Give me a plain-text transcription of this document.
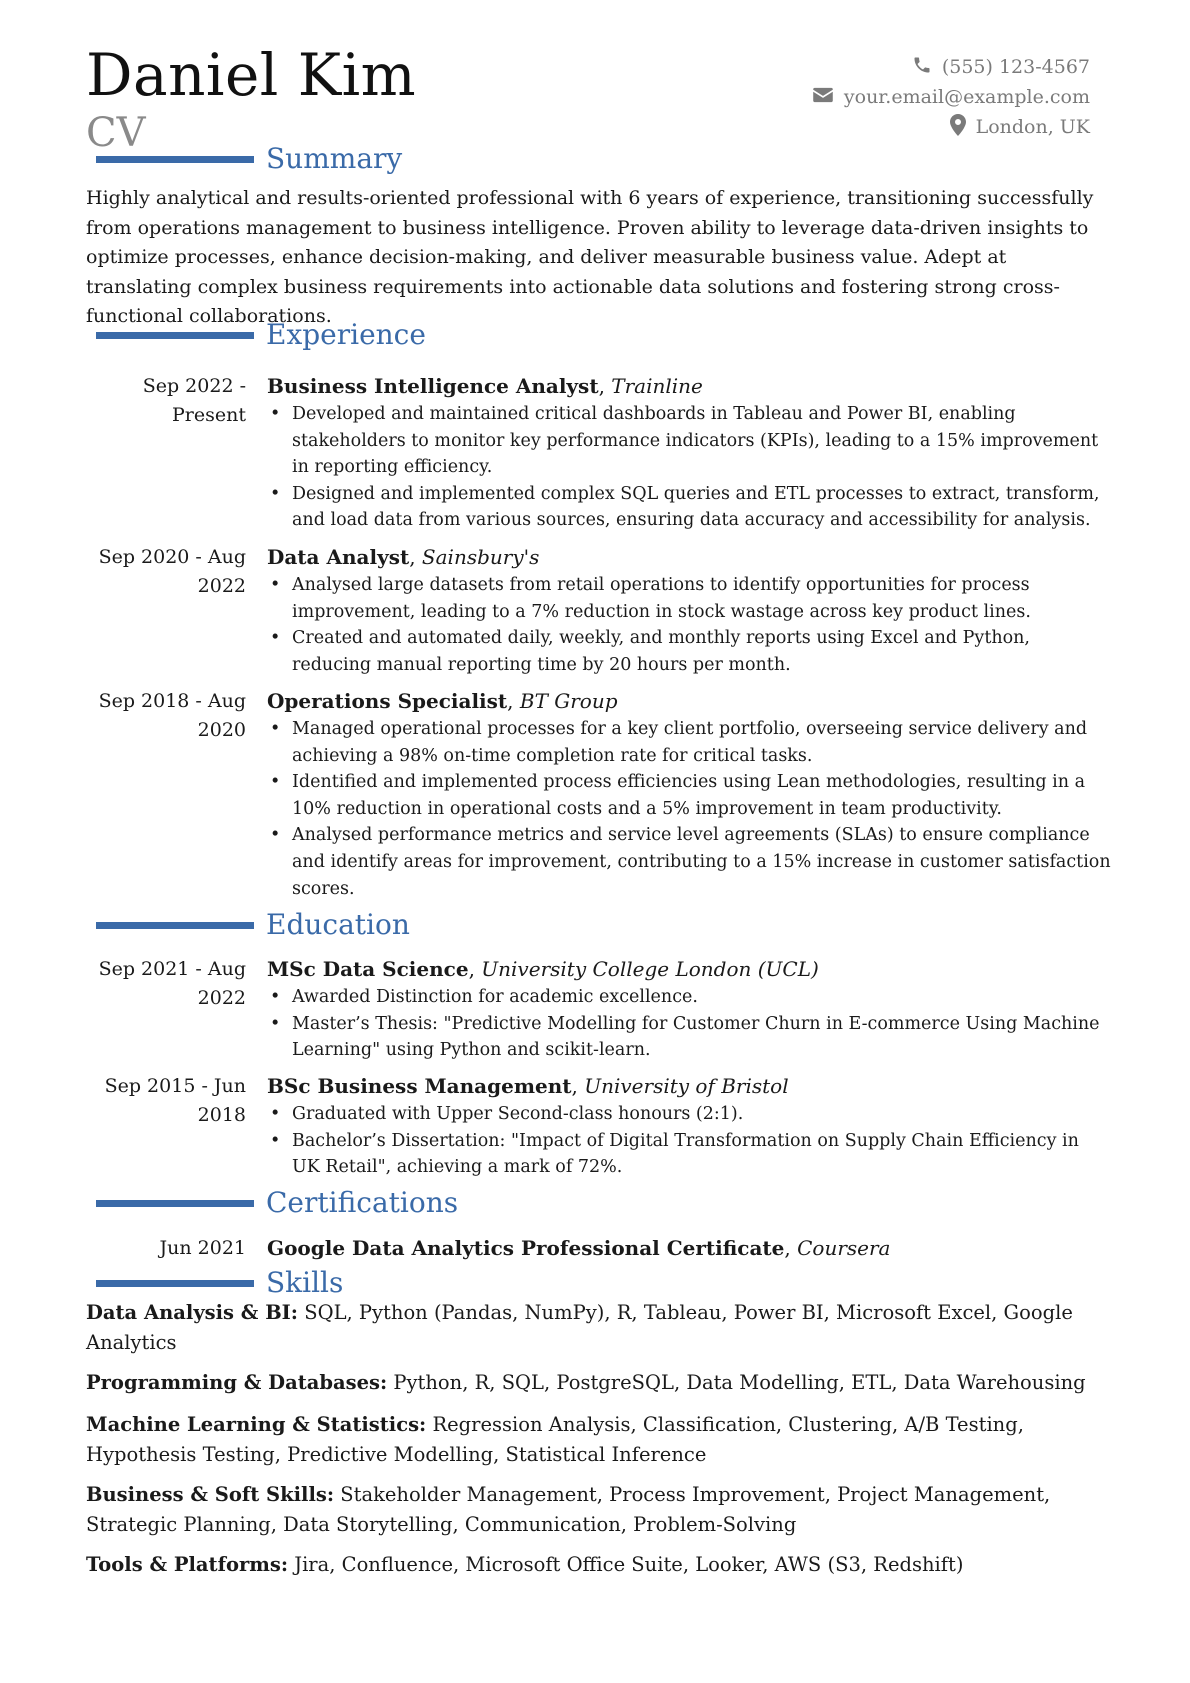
Daniel Kim
CV
(555) 123-4567
your.email@example.com
London, UK
Summary
Highly analytical and results-oriented professional with 6 years of experience, transitioning successfully from operations management to business intelligence. Proven ability to leverage data-driven insights to optimize processes, enhance decision-making, and deliver measurable business value. Adept at translating complex business requirements into actionable data solutions and fostering strong cross-functional collaborations.
Experience
Sep 2022 - Present
Business Intelligence Analyst, Trainline
• Developed and maintained critical dashboards in Tableau and Power BI, enabling stakeholders to monitor key performance indicators (KPIs), leading to a 15% improvement in reporting efficiency.
• Designed and implemented complex SQL queries and ETL processes to extract, transform, and load data from various sources, ensuring data accuracy and accessibility for analysis.
Sep 2020 - Aug 2022
Data Analyst, Sainsbury's
• Analysed large datasets from retail operations to identify opportunities for process improvement, leading to a 7% reduction in stock wastage across key product lines.
• Created and automated daily, weekly, and monthly reports using Excel and Python, reducing manual reporting time by 20 hours per month.
Sep 2018 - Aug 2020
Operations Specialist, BT Group
• Managed operational processes for a key client portfolio, overseeing service delivery and achieving a 98% on-time completion rate for critical tasks.
• Identified and implemented process efficiencies using Lean methodologies, resulting in a 10% reduction in operational costs and a 5% improvement in team productivity.
• Analysed performance metrics and service level agreements (SLAs) to ensure compliance and identify areas for improvement, contributing to a 15% increase in customer satisfaction scores.
Education
Sep 2021 - Aug 2022
MSc Data Science, University College London (UCL)
• Awarded Distinction for academic excellence.
• Master’s Thesis: "Predictive Modelling for Customer Churn in E-commerce Using Machine Learning" using Python and scikit-learn.
Sep 2015 - Jun 2018
BSc Business Management, University of Bristol
• Graduated with Upper Second-class honours (2:1).
• Bachelor’s Dissertation: "Impact of Digital Transformation on Supply Chain Efficiency in UK Retail", achieving a mark of 72%.
Certifications
Jun 2021 Google Data Analytics Professional Certificate, Coursera
Skills
Data Analysis & BI: SQL, Python (Pandas, NumPy), R, Tableau, Power BI, Microsoft Excel, Google Analytics
Programming & Databases: Python, R, SQL, PostgreSQL, Data Modelling, ETL, Data Warehousing
Machine Learning & Statistics: Regression Analysis, Classification, Clustering, A/B Testing, Hypothesis Testing, Predictive Modelling, Statistical Inference
Business & Soft Skills: Stakeholder Management, Process Improvement, Project Management, Strategic Planning, Data Storytelling, Communication, Problem-Solving
Tools & Platforms: Jira, Confluence, Microsoft Office Suite, Looker, AWS (S3, Redshift)
